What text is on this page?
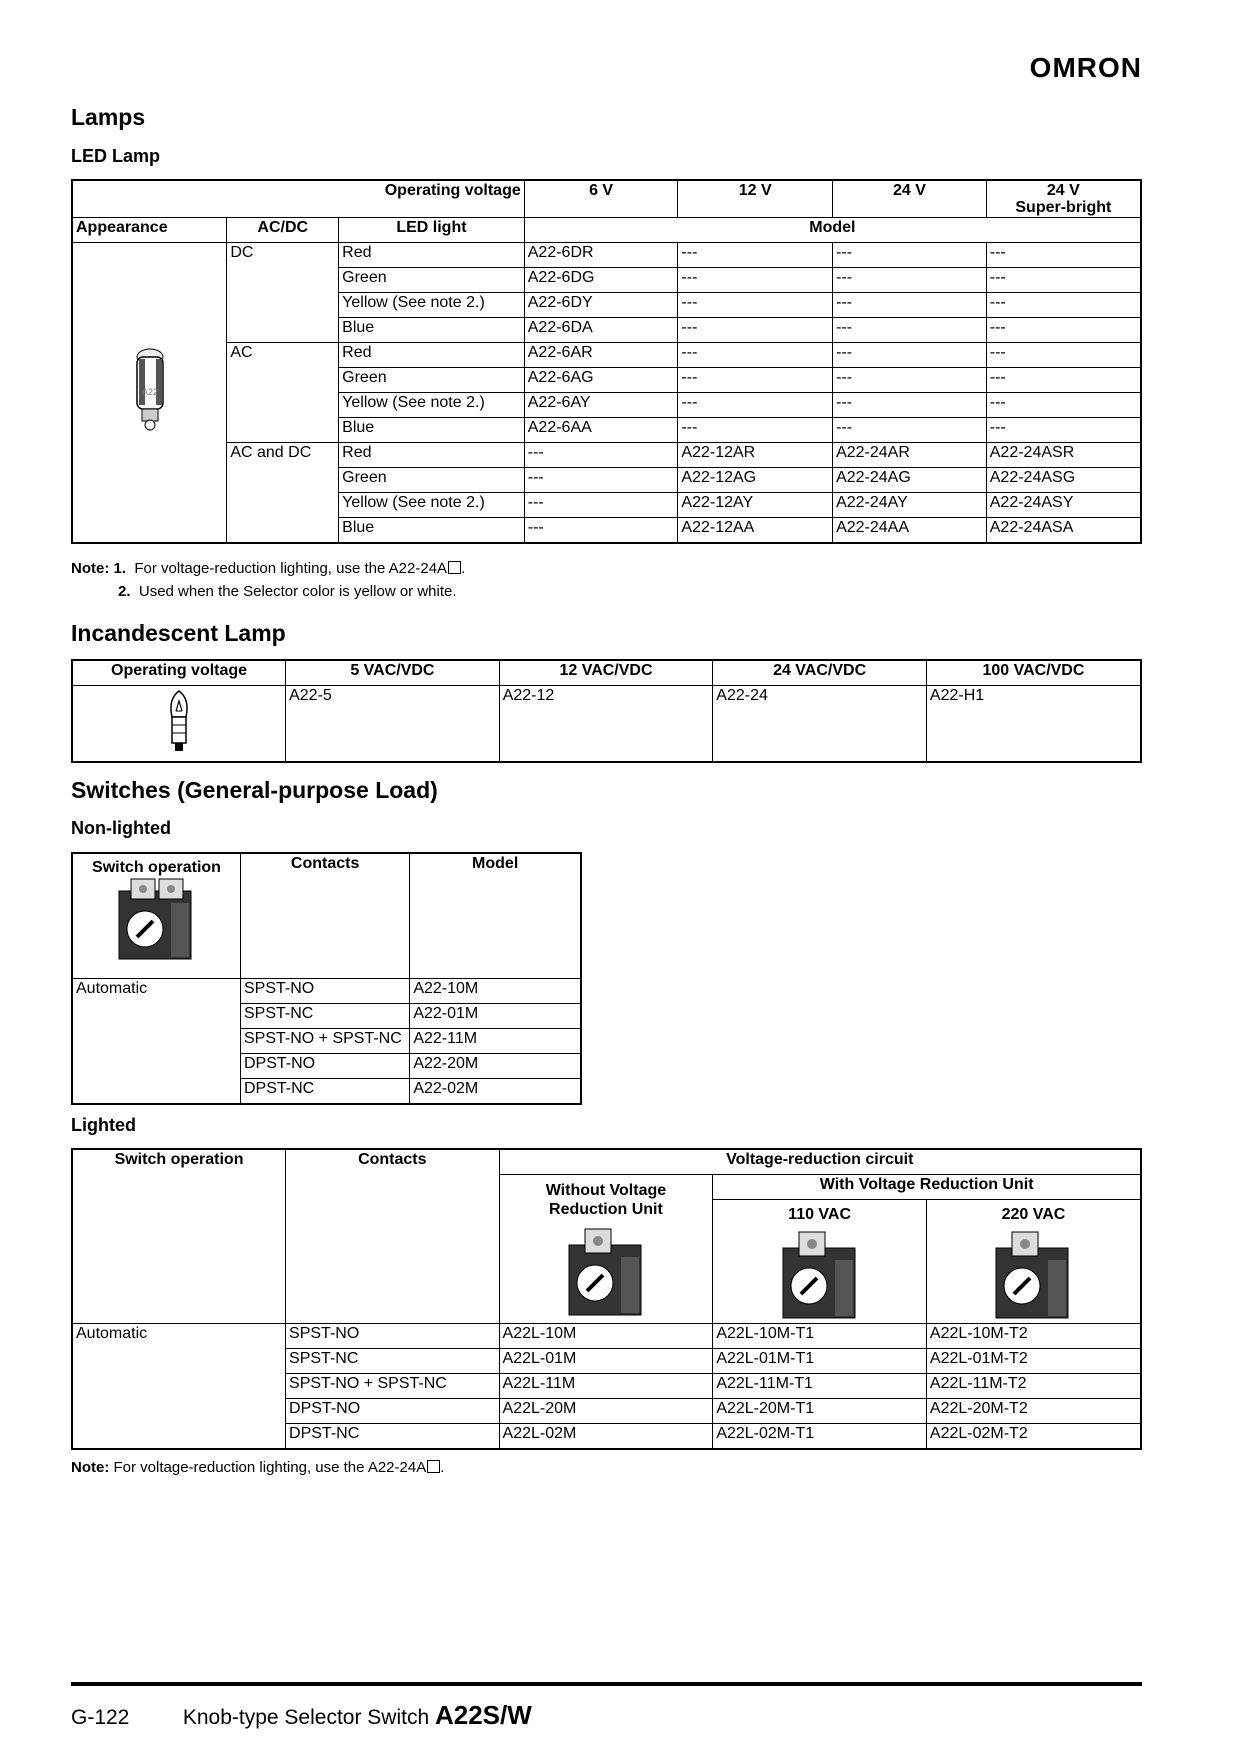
OMRON
Lamps
LED Lamp
Operating voltage			6 V	12 V	24 V	24 V
Super-bright
Appearance	AC/DC	LED light	Model			

A22	DC	Red	A22-6DR	---	---	---
		Green	A22-6DG	---	---	---
		Yellow (See note 2.)	A22-6DY	---	---	---
		Blue	A22-6DA	---	---	---
	AC	Red	A22-6AR	---	---	---
		Green	A22-6AG	---	---	---
		Yellow (See note 2.)	A22-6AY	---	---	---
		Blue	A22-6AA	---	---	---
	AC and DC	Red	---	A22-12AR	A22-24AR	A22-24ASR
		Green	---	A22-12AG	A22-24AG	A22-24ASG
		Yellow (See note 2.)	---	A22-12AY	A22-24AY	A22-24ASY
		Blue	---	A22-12AA	A22-24AA	A22-24ASA
Note: 1. For voltage-reduction lighting, use the A22-24A .
2. Used when the Selector color is yellow or white.
Incandescent Lamp
Operating voltage	5 VAC/VDC	12 VAC/VDC	24 VAC/VDC	100 VAC/VDC
	A22-5	A22-12	A22-24	A22-H1
Switches (General-purpose Load)
Non-lighted
Switch operation	Contacts	Model
Automatic	SPST-NO	A22-10M
	SPST-NC	A22-01M
	SPST-NO + SPST-NC	A22-11M
	DPST-NO	A22-20M
	DPST-NC	A22-02M
Lighted
Switch operation	Contacts	Voltage-reduction circuit		

		Without Voltage Reduction Unit	With Voltage Reduction Unit	

			110 VAC	220 VAC

Automatic	SPST-NO	A22L-10M	A22L-10M-T1	A22L-10M-T2
	SPST-NC	A22L-01M	A22L-01M-T1	A22L-01M-T2
	SPST-NO + SPST-NC	A22L-11M	A22L-11M-T1	A22L-11M-T2
	DPST-NO	A22L-20M	A22L-20M-T1	A22L-20M-T2
	DPST-NC	A22L-02M	A22L-02M-T1	A22L-02M-T2
Note: For voltage-reduction lighting, use the A22-24A .
G-122	Knob-type Selector Switch A22S/W
